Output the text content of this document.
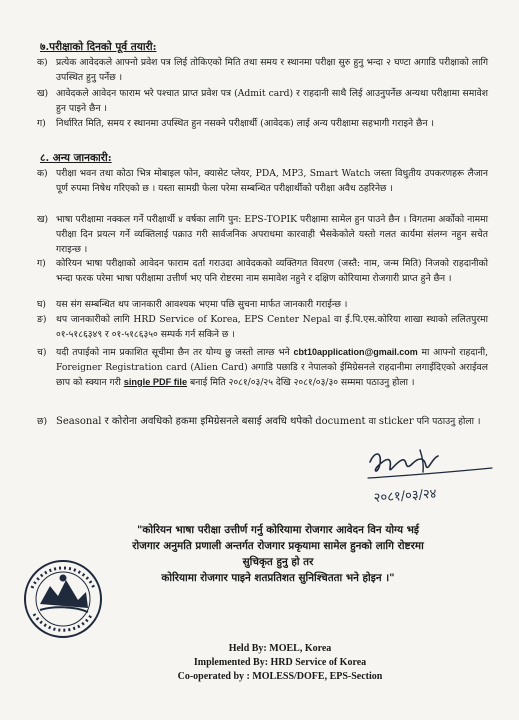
७.परीक्षाको दिनको पूर्व तयारी:
क) प्रत्येक आवेदकले आफ्नो प्रवेश पत्र लिई तोकिएको मिति तथा समय र स्थानमा परीक्षा सुरु हुनु भन्दा २ घण्टा अगाडि परीक्षाको लागि उपस्थित हुनु पर्नेछ ।
ख) आवेदकले आवेदन फाराम भरे पश्चात प्राप्त प्रवेश पत्र (Admit card) र राहदानी साथै लिई आउनुपर्नेछ अन्यथा परीक्षामा समावेश हुन पाइने छैन ।
ग) निर्धारित मिति, समय र स्थानमा उपस्थित हुन नसक्ने परीक्षार्थी (आवेदक) लाई अन्य परीक्षामा सहभागी गराइने छैन ।
८. अन्य जानकारी:
क) परीक्षा भवन तथा कोठा भित्र मोबाइल फोन, क्यासेट प्लेयर, PDA, MP3, Smart Watch जस्ता विधुतीय उपकरणहरू लैजान पूर्ण रुपमा निषेध गरिएको छ । यस्ता सामग्री फेला परेमा सम्बन्धित परीक्षार्थीको परीक्षा अवैध ठहरिनेछ ।
ख) भाषा परीक्षामा नक्कल गर्ने परीक्षार्थी ४ वर्षका लागि पुन: EPS-TOPIK परीक्षामा सामेल हुन पाउने छैन । विगतमा अर्कोको नाममा परीक्षा दिन प्रयत्न गर्ने व्यक्तिलाई पक्राउ गरी सार्वजनिक अपराधमा कारवाही भैसकेकोले यस्तो गलत कार्यमा संलग्न नहुन सचेत गराइन्छ ।
ग) कोरियन भाषा परीक्षाको आवेदन फाराम दर्ता गराउदा आवेदकको व्यक्तिगत विवरण (जस्तै: नाम, जन्म मिति) निजको राहदानीको भन्दा फरक परेमा भाषा परीक्षामा उत्तीर्ण भए पनि रोष्टरमा नाम समावेश नहुने र दक्षिण कोरियामा रोजगारी प्राप्त हुने छैन ।
घ) यस संग सम्बन्धित थप जानकारी आवश्यक भएमा पछि सुचना मार्फत जानकारी गराईन्छ ।
ङ) थप जानकारीको लागि HRD Service of Korea, EPS Center Nepal वा ई.पि.एस.कोरिया शाखा स्थाको ललितपुरमा ०१-५१८६३४९ र ०१-५१८६३५० सम्पर्क गर्न सकिने छ ।
च) यदी तपाईको नाम प्रकाशित सूचीमा छैन तर योग्य छु जस्तो लाग्छ भने cbt10application@gmail.com मा आफ्नो राहदानी, Foreigner Registration card (Alien Card) अगाडि पछाडि र नेपालको ईमिग्रेसनले राहदानीमा लगाईदिएको अराईवल छाप को स्क्यान गरी single PDF file बनाई मिति २०८१/०३/२५ देखि २०८१/०३/३० सम्ममा पठाउनु होला ।
छ) Seasonal र कोरोना अवधिको हकमा इमिग्रेसनले बसाई अवधि थपेको document वा sticker पनि पठाउनु होला ।
२०८१/०३/२४
"कोरियन भाषा परीक्षा उत्तीर्ण गर्नु कोरियामा रोजगार आवेदन विन योग्य भई
रोजगार अनुमति प्रणाली अन्तर्गत रोजगार प्रकृयामा सामेल हुनको लागि रोष्टरमा
सुचिकृत हुनु हो तर
कोरियामा रोजगार पाइने शतप्रतिशत सुनिश्चितता भने होइन ।"
Held By: MOEL, Korea
Implemented By: HRD Service of Korea
Co-operated by : MOLESS/DOFE, EPS-Section
